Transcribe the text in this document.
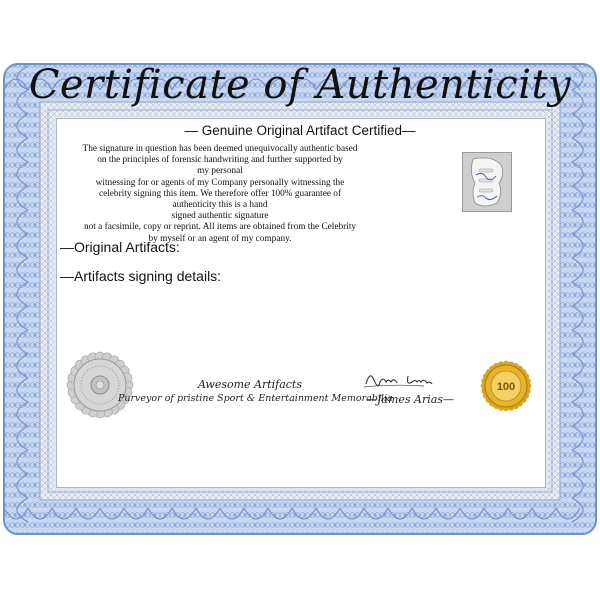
Certificate of Authenticity
— Genuine Original Artifact Certified—
The signature in question has been deemed unequivocally authentic based
on the principles of forensic handwriting and further supported by
my personal
witnessing for or agents of my Company personally witnessing the
celebrity signing this item. We therefore offer 100% guarantee of
authenticity this is a hand
signed authentic signature
not a facsimile, copy or reprint. All items are obtained from the Celebrity
by myself or an agent of my company.
—Original Artifacts:
—Artifacts signing details:
Awesome Artifacts
Purveyor of pristine Sport & Entertainment Memorabilia
—James Arias—
100
